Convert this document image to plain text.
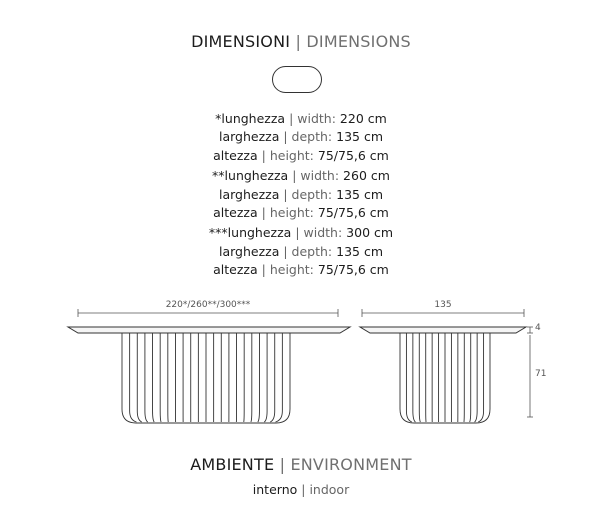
DIMENSIONI | DIMENSIONS
*lunghezza | width: 220 cm
larghezza | depth: 135 cm
altezza | height: 75/75,6 cm
**lunghezza | width: 260 cm
larghezza | depth: 135 cm
altezza | height: 75/75,6 cm
***lunghezza | width: 300 cm
larghezza | depth: 135 cm
altezza | height: 75/75,6 cm
220*/260**/300***	135
4
71
AMBIENTE | ENVIRONMENT
interno | indoor
